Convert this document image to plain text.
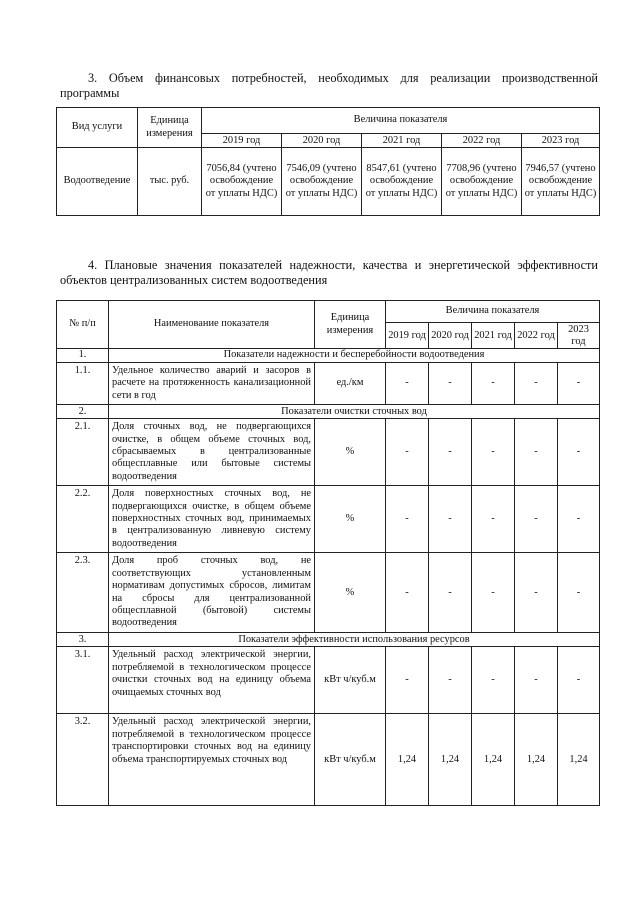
3. Объем финансовых потребностей, необходимых для реализации производственной программы

Вид услуги	Единица измерения	Величина показателя				
		2019 год	2020 год	2021 год	2022 год	2023 год
Водоотведение	тыс. руб.	7056,84 (учтено освобождение от уплаты НДС)	7546,09 (учтено освобождение от уплаты НДС)	8547,61 (учтено освобождение от уплаты НДС)	7708,96 (учтено освобождение от уплаты НДС)	7946,57 (учтено освобождение от уплаты НДС)

4. Плановые значения показателей надежности, качества и энергетической эффективности объектов централизованных систем водоотведения

№ п/п	Наименование показателя	Единица измерения	Величина показателя				
			2019 год	2020 год	2021 год	2022 год	2023 год
1.	Показатели надежности и бесперебойности водоотведения						
1.1.	Удельное количество аварий и засоров в расчете на протяженность канализационной сети в год	ед./км	-	-	-	-	-
2.	Показатели очистки сточных вод						
2.1.	Доля сточных вод, не подвергающихся очистке, в общем объеме сточных вод, сбрасываемых в централизованные общесплавные или бытовые системы водоотведения	%	-	-	-	-	-
2.2.	Доля поверхностных сточных вод, не подвергающихся очистке, в общем объеме поверхностных сточных вод, принимаемых в централизованную ливневую систему водоотведения	%	-	-	-	-	-
2.3.	Доля проб сточных вод, не соответствующих установленным нормативам допустимых сбросов, лимитам на сбросы для централизованной общесплавной (бытовой) системы водоотведения	%	-	-	-	-	-
3.	Показатели эффективности использования ресурсов						
3.1.	Удельный расход электрической энергии, потребляемой в технологическом процессе очистки сточных вод на единицу объема очищаемых сточных вод	кВт ч/куб.м	-	-	-	-	-
3.2.	Удельный расход электрической энергии, потребляемой в технологическом процессе транспортировки сточных вод на единицу объема транспортируемых сточных вод	кВт ч/куб.м	1,24	1,24	1,24	1,24	1,24
